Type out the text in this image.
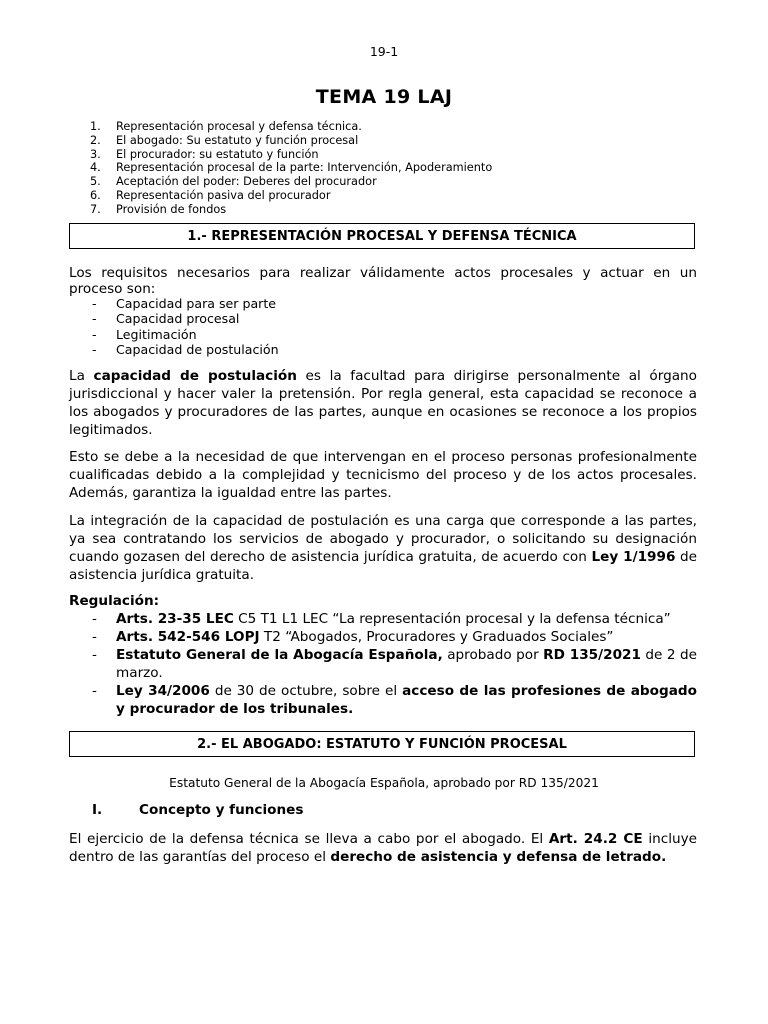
19-1
TEMA 19 LAJ
1. Representación procesal y defensa técnica.
2. El abogado: Su estatuto y función procesal
3. El procurador: su estatuto y función
4. Representación procesal de la parte: Intervención, Apoderamiento
5. Aceptación del poder: Deberes del procurador
6. Representación pasiva del procurador
7. Provisión de fondos
1.- REPRESENTACIÓN PROCESAL Y DEFENSA TÉCNICA
Los requisitos necesarios para realizar válidamente actos procesales y actuar en un proceso son:
- Capacidad para ser parte
- Capacidad procesal
- Legitimación
- Capacidad de postulación
La capacidad de postulación es la facultad para dirigirse personalmente al órgano jurisdiccional y hacer valer la pretensión. Por regla general, esta capacidad se reconoce a los abogados y procuradores de las partes, aunque en ocasiones se reconoce a los propios legitimados.
Esto se debe a la necesidad de que intervengan en el proceso personas profesionalmente cualificadas debido a la complejidad y tecnicismo del proceso y de los actos procesales. Además, garantiza la igualdad entre las partes.
La integración de la capacidad de postulación es una carga que corresponde a las partes, ya sea contratando los servicios de abogado y procurador, o solicitando su designación cuando gozasen del derecho de asistencia jurídica gratuita, de acuerdo con Ley 1/1996 de asistencia jurídica gratuita.
Regulación:
- Arts. 23-35 LEC C5 T1 L1 LEC “La representación procesal y la defensa técnica”
- Arts. 542-546 LOPJ T2 “Abogados, Procuradores y Graduados Sociales”
- Estatuto General de la Abogacía Española, aprobado por RD 135/2021 de 2 de marzo.
- Ley 34/2006 de 30 de octubre, sobre el acceso de las profesiones de abogado y procurador de los tribunales.
2.- EL ABOGADO: ESTATUTO Y FUNCIÓN PROCESAL
Estatuto General de la Abogacía Española, aprobado por RD 135/2021
I.	Concepto y funciones
El ejercicio de la defensa técnica se lleva a cabo por el abogado. El Art. 24.2 CE incluye dentro de las garantías del proceso el derecho de asistencia y defensa de letrado.
